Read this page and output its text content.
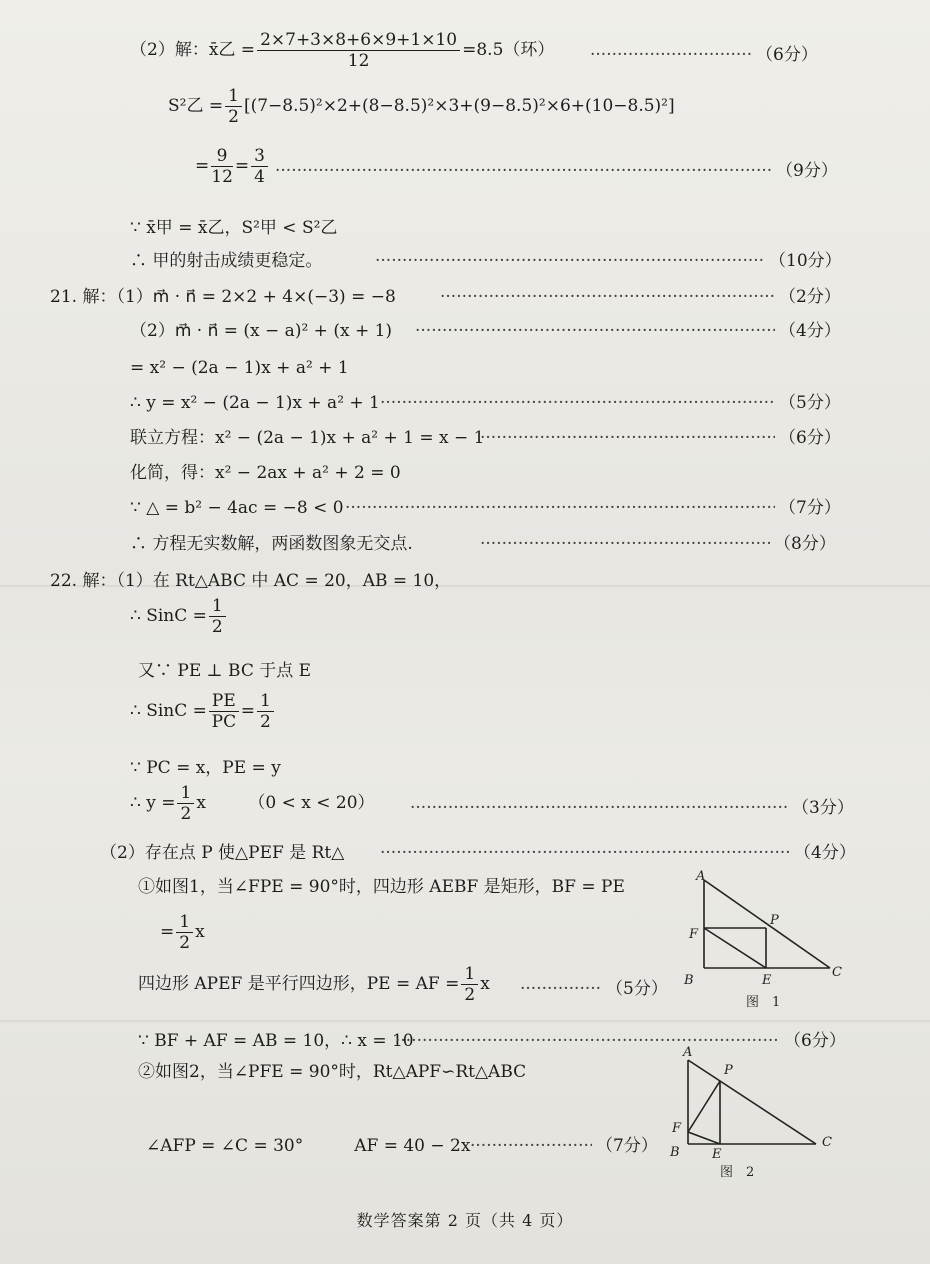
（2）解：x̄乙 = $\frac{2\times 7+3\times 8+6\times 9+1\times 10}{12} =8.5$（环） ·····	（6分）
S²乙 = $\frac{1}{2} [(7-8.5)^2\times 2+(8-8.5)^2\times 3+(9-8.5)^2\times 6+(10-8.5)^2]$
= $\frac{9}{12} = \frac{3}{4}$ ·····	（9分）
∵ x̄甲 = x̄乙，S²甲 < S²乙
∴ 甲的射击成绩更稳定。 ·····	（10分）
21. 解：（1）m⃗ · n⃗ = 2×2 + 4×(−3) = −8 ·····	（2分）
（2）m⃗ · n⃗ = (x − a)² + (x + 1) ·····	（4分）
= x² − (2a − 1)x + a² + 1
∴ y = x² − (2a − 1)x + a² + 1 ·····	（5分）
联立方程：x² − (2a − 1)x + a² + 1 = x − 1 ·····	（6分）
化简，得：x² − 2ax + a² + 2 = 0
∵ △ = b² − 4ac = −8 < 0 ·····	（7分）
∴ 方程无实数解，两函数图象无交点. ·····	（8分）
22. 解：（1）在 Rt△ABC 中 AC = 20，AB = 10，
∴ SinC = $\frac{1}{2}$
又∵ PE ⊥ BC 于点 E
∴ SinC = $\frac{PE}{PC} = \frac{1}{2}$
∵ PC = x，PE = y
∴ $y = \frac{1}{2}$ x　　　（0 < x < 20） ·····	（3分）
（2）存在点 P 使△PEF 是 Rt△ ·····	（4分）
①如图1，当∠FPE = 90°时，四边形 AEBF 是矩形，BF = PE
= $\frac{1}{2}$ x
四边形 APEF 是平行四边形，PE = AF = $\frac{1}{2}$ x ·····	（5分）
∵ BF + AF = AB = 10，∴ x = 10 ·····	（6分）
②如图2，当∠PFE = 90°时，Rt△APF∽Rt△ABC
∠AFP = ∠C = 30°　　　AF = 40 − 2x ·····	（7分）
A
P
F
B	E
C
图　1
A
P
F
B E
C
图　2
数学答案第 2 页（共 4 页）
